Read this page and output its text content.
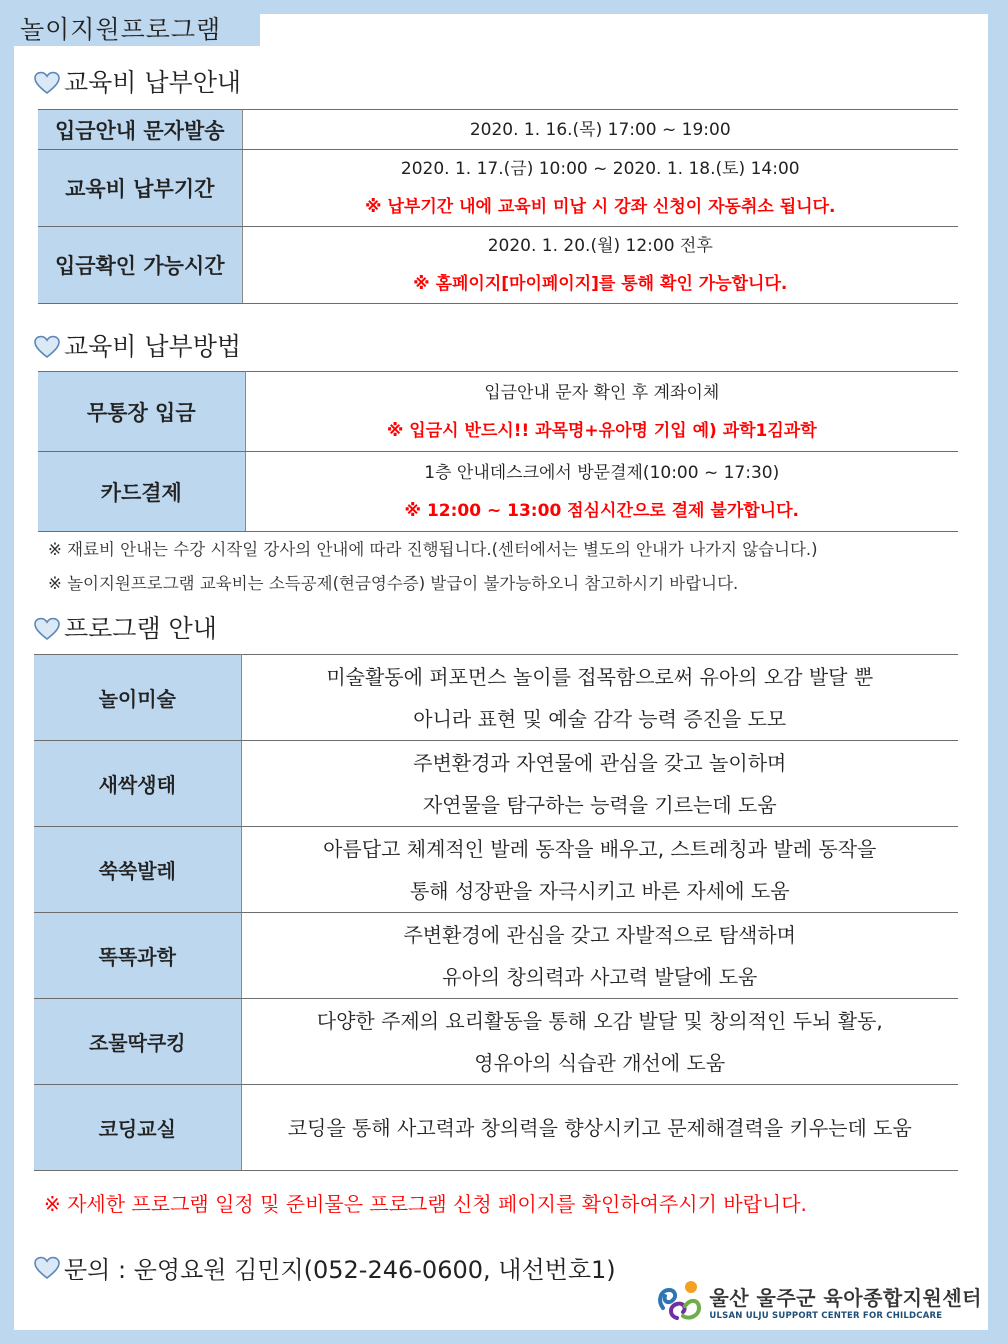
놀이지원프로그램
교육비 납부안내
입금안내 문자발송	2020. 1. 16.(목) 17:00 ~ 19:00

교육비 납부기간	2020. 1. 17.(금) 10:00 ~ 2020. 1. 18.(토) 14:00
※ 납부기간 내에 교육비 미납 시 강좌 신청이 자동취소 됩니다.

입금확인 가능시간	2020. 1. 20.(월) 12:00 전후
※ 홈페이지[마이페이지]를 통해 확인 가능합니다.
교육비 납부방법
무통장 입금	입금안내 문자 확인 후 계좌이체
※ 입금시 반드시!! 과목명+유아명 기입 예) 과학1김과학

카드결제	1층 안내데스크에서 방문결제(10:00 ~ 17:30)
※ 12:00 ~ 13:00 점심시간으로 결제 불가합니다.
※ 재료비 안내는 수강 시작일 강사의 안내에 따라 진행됩니다.(센터에서는 별도의 안내가 나가지 않습니다.)
※ 놀이지원프로그램 교육비는 소득공제(현금영수증) 발급이 불가능하오니 참고하시기 바랍니다.
프로그램 안내
놀이미술	미술활동에 퍼포먼스 놀이를 접목함으로써 유아의 오감 발달 뿐
아니라 표현 및 예술 감각 능력 증진을 도모

새싹생태	주변환경과 자연물에 관심을 갖고 놀이하며
자연물을 탐구하는 능력을 기르는데 도움

쑥쑥발레	아름답고 체계적인 발레 동작을 배우고, 스트레칭과 발레 동작을
통해 성장판을 자극시키고 바른 자세에 도움

똑똑과학	주변환경에 관심을 갖고 자발적으로 탐색하며
유아의 창의력과 사고력 발달에 도움

조물딱쿠킹	다양한 주제의 요리활동을 통해 오감 발달 및 창의적인 두뇌 활동,
영유아의 식습관 개선에 도움

코딩교실	코딩을 통해 사고력과 창의력을 향상시키고 문제해결력을 키우는데 도움
※ 자세한 프로그램 일정 및 준비물은 프로그램 신청 페이지를 확인하여주시기 바랍니다.
문의 : 운영요원 김민지(052-246-0600, 내선번호1)
울산 울주군 육아종합지원센터
ULSAN ULJU SUPPORT CENTER FOR CHILDCARE
